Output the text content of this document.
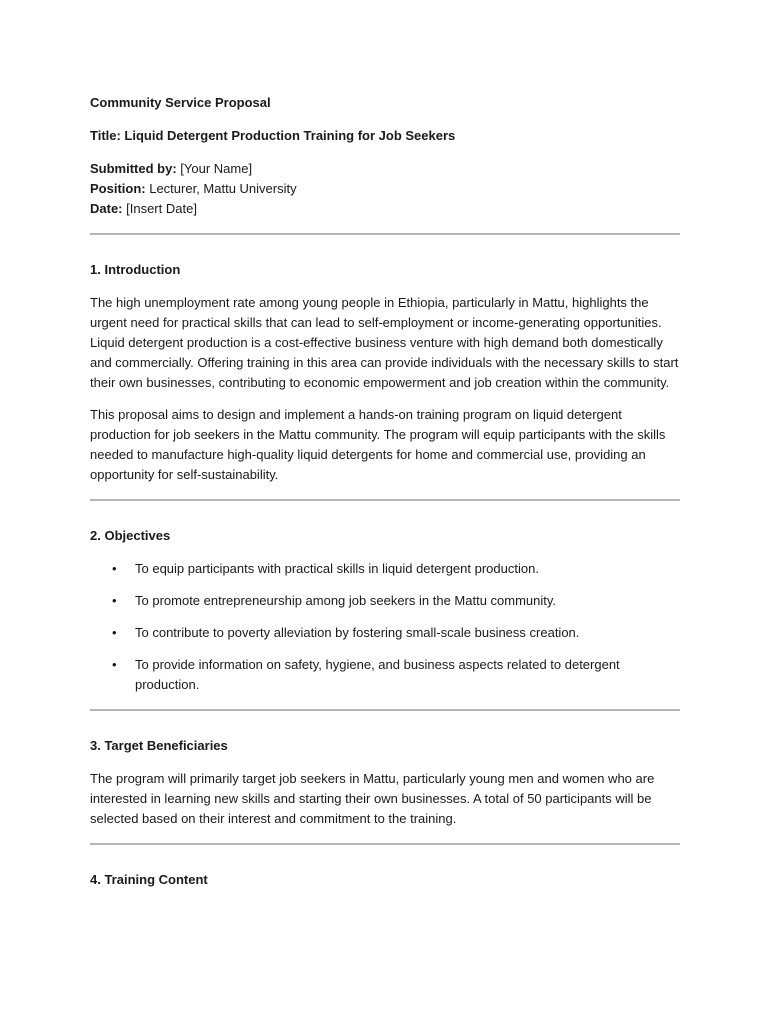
Community Service Proposal

Title: Liquid Detergent Production Training for Job Seekers

Submitted by: [Your Name]

Position: Lecturer, Mattu University

Date: [Insert Date]

1. Introduction

The high unemployment rate among young people in Ethiopia, particularly in Mattu, highlights the urgent need for practical skills that can lead to self-employment or income-generating opportunities. Liquid detergent production is a cost-effective business venture with high demand both domestically and commercially. Offering training in this area can provide individuals with the necessary skills to start their own businesses, contributing to economic empowerment and job creation within the community.

This proposal aims to design and implement a hands-on training program on liquid detergent production for job seekers in the Mattu community. The program will equip participants with the skills needed to manufacture high-quality liquid detergents for home and commercial use, providing an opportunity for self-sustainability.

2. Objectives

• To equip participants with practical skills in liquid detergent production.
• To promote entrepreneurship among job seekers in the Mattu community.
• To contribute to poverty alleviation by fostering small-scale business creation.
• To provide information on safety, hygiene, and business aspects related to detergent production.

3. Target Beneficiaries

The program will primarily target job seekers in Mattu, particularly young men and women who are interested in learning new skills and starting their own businesses. A total of 50 participants will be selected based on their interest and commitment to the training.

4. Training Content
